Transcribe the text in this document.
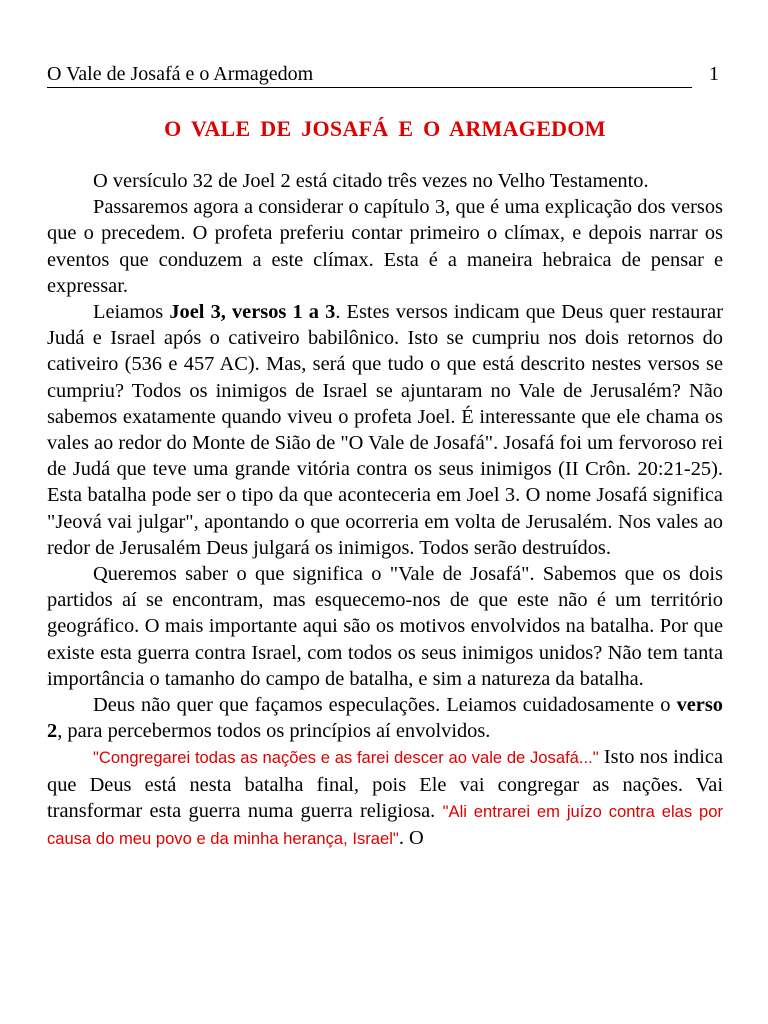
O Vale de Josafá e o Armagedom	1
O VALE DE JOSAFÁ E O ARMAGEDOM

O versículo 32 de Joel 2 está citado três vezes no Velho Testamento.

Passaremos agora a considerar o capítulo 3, que é uma explicação dos versos que o precedem. O profeta preferiu contar primeiro o clímax, e depois narrar os eventos que conduzem a este clímax. Esta é a maneira hebraica de pensar e expressar.

Leiamos Joel 3, versos 1 a 3. Estes versos indicam que Deus quer restaurar Judá e Israel após o cativeiro babilônico. Isto se cumpriu nos dois retornos do cativeiro (536 e 457 AC). Mas, será que tudo o que está descrito nestes versos se cumpriu? Todos os inimigos de Israel se ajuntaram no Vale de Jerusalém? Não sabemos exatamente quando viveu o profeta Joel. É interessante que ele chama os vales ao redor do Monte de Sião de "O Vale de Josafá". Josafá foi um fervoroso rei de Judá que teve uma grande vitória contra os seus inimigos (II Crôn. 20:21-25). Esta batalha pode ser o tipo da que aconteceria em Joel 3. O nome Josafá significa "Jeová vai julgar", apontando o que ocorreria em volta de Jerusalém. Nos vales ao redor de Jerusalém Deus julgará os inimigos. Todos serão destruídos.

Queremos saber o que significa o "Vale de Josafá". Sabemos que os dois partidos aí se encontram, mas esquecemo-nos de que este não é um território geográfico. O mais importante aqui são os motivos envolvidos na batalha. Por que existe esta guerra contra Israel, com todos os seus inimigos unidos? Não tem tanta importância o tamanho do campo de batalha, e sim a natureza da batalha.

Deus não quer que façamos especulações. Leiamos cuidadosamente o verso 2, para percebermos todos os princípios aí envolvidos.

"Congregarei todas as nações e as farei descer ao vale de Josafá..." Isto nos indica que Deus está nesta batalha final, pois Ele vai congregar as nações. Vai transformar esta guerra numa guerra religiosa. "Ali entrarei em juízo contra elas por causa do meu povo e da minha herança, Israel". O
